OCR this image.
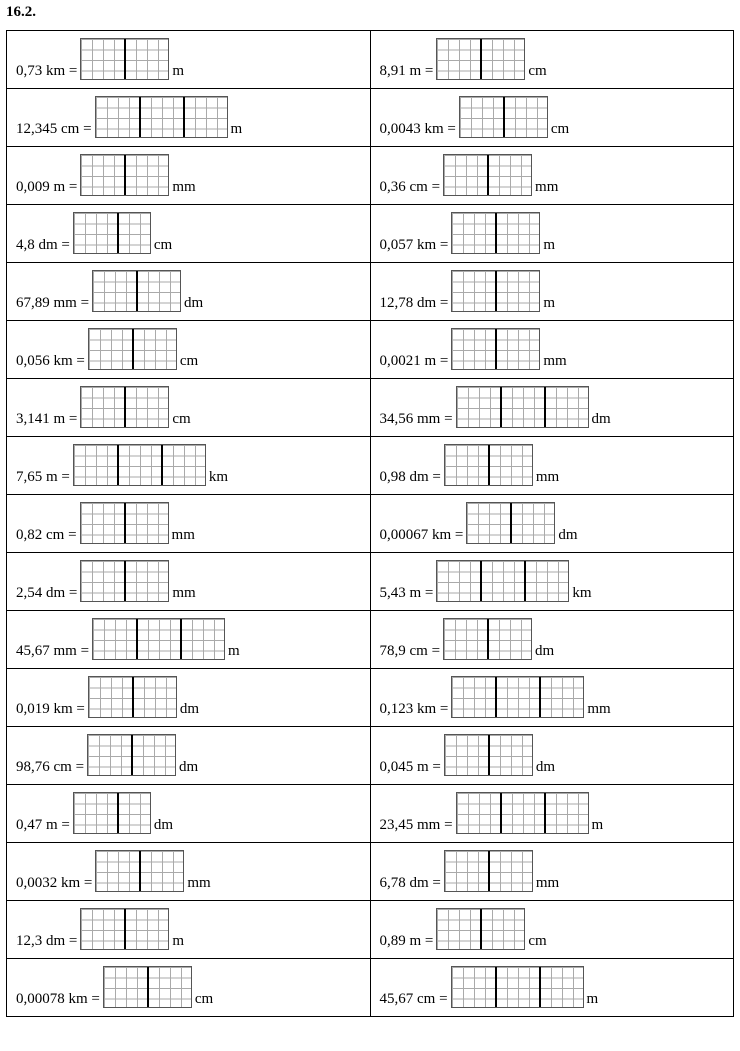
16.2.
0,73 km = m	8,91 m = cm

12,345 cm = m	0,0043 km = cm

0,009 m = mm	0,36 cm = mm

4,8 dm = cm	0,057 km = m

67,89 mm = dm	12,78 dm = m

0,056 km = cm	0,0021 m = mm

3,141 m = cm	34,56 mm = dm

7,65 m = km	0,98 dm = mm

0,82 cm = mm	0,00067 km = dm

2,54 dm = mm	5,43 m = km

45,67 mm = m	78,9 cm = dm

0,019 km = dm	0,123 km = mm

98,76 cm = dm	0,045 m = dm

0,47 m = dm	23,45 mm = m

0,0032 km = mm	6,78 dm = mm

12,3 dm = m	0,89 m = cm

0,00078 km = cm	45,67 cm = m
